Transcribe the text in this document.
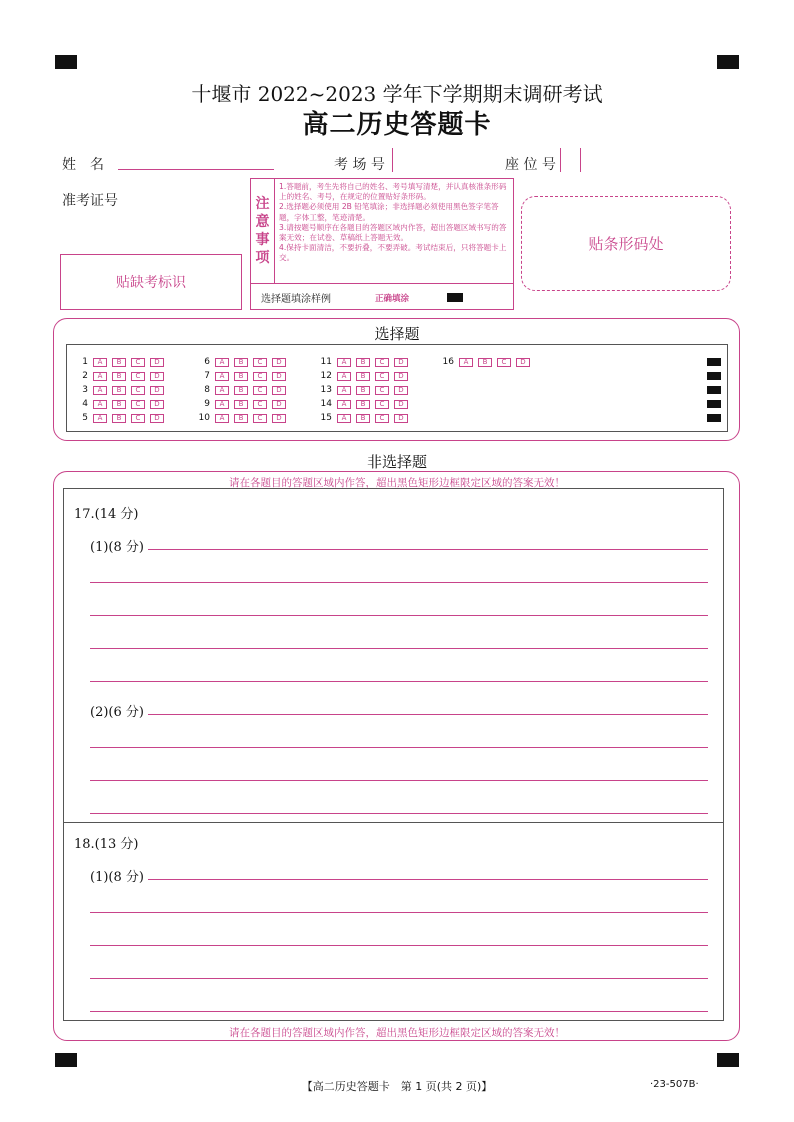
十堰市 2022~2023 学年下学期期末调研考试
高二历史答题卡
姓　名	考 场 号	座 位 号
准考证号
贴缺考标识
注
意
事
项
1.答题前，考生先将自己的姓名、考号填写清楚，并认真核准条形码上的姓名、考号，在规定的位置贴好条形码。
2.选择题必须使用 2B 铅笔填涂；非选择题必须使用黑色签字笔答题，字体工整，笔迹清楚。
3.请按题号顺序在各题目的答题区域内作答，超出答题区域书写的答案无效；在试卷、草稿纸上答题无效。
4.保持卡面清洁，不要折叠，不要弄破。考试结束后，只将答题卡上交。
选择题填涂样例	正确填涂
贴条形码处
选择题
1	A	B	C	D
2	A	B	C	D
3	A	B	C	D
4	A	B	C	D
5	A	B	C	D
6	A	B	C	D
7	A	B	C	D
8	A	B	C	D
9	A	B	C	D
10	A	B	C	D
11	A	B	C	D
12	A	B	C	D
13	A	B	C	D
14	A	B	C	D
15	A	B	C	D
16	A	B	C	D
非选择题
请在各题目的答题区域内作答，超出黑色矩形边框限定区域的答案无效！
17.(14 分)
(1)(8 分)
(2)(6 分)
18.(13 分)
(1)(8 分)
请在各题目的答题区域内作答，超出黑色矩形边框限定区域的答案无效！
【高二历史答题卡　第 1 页(共 2 页)】	·23-507B·
